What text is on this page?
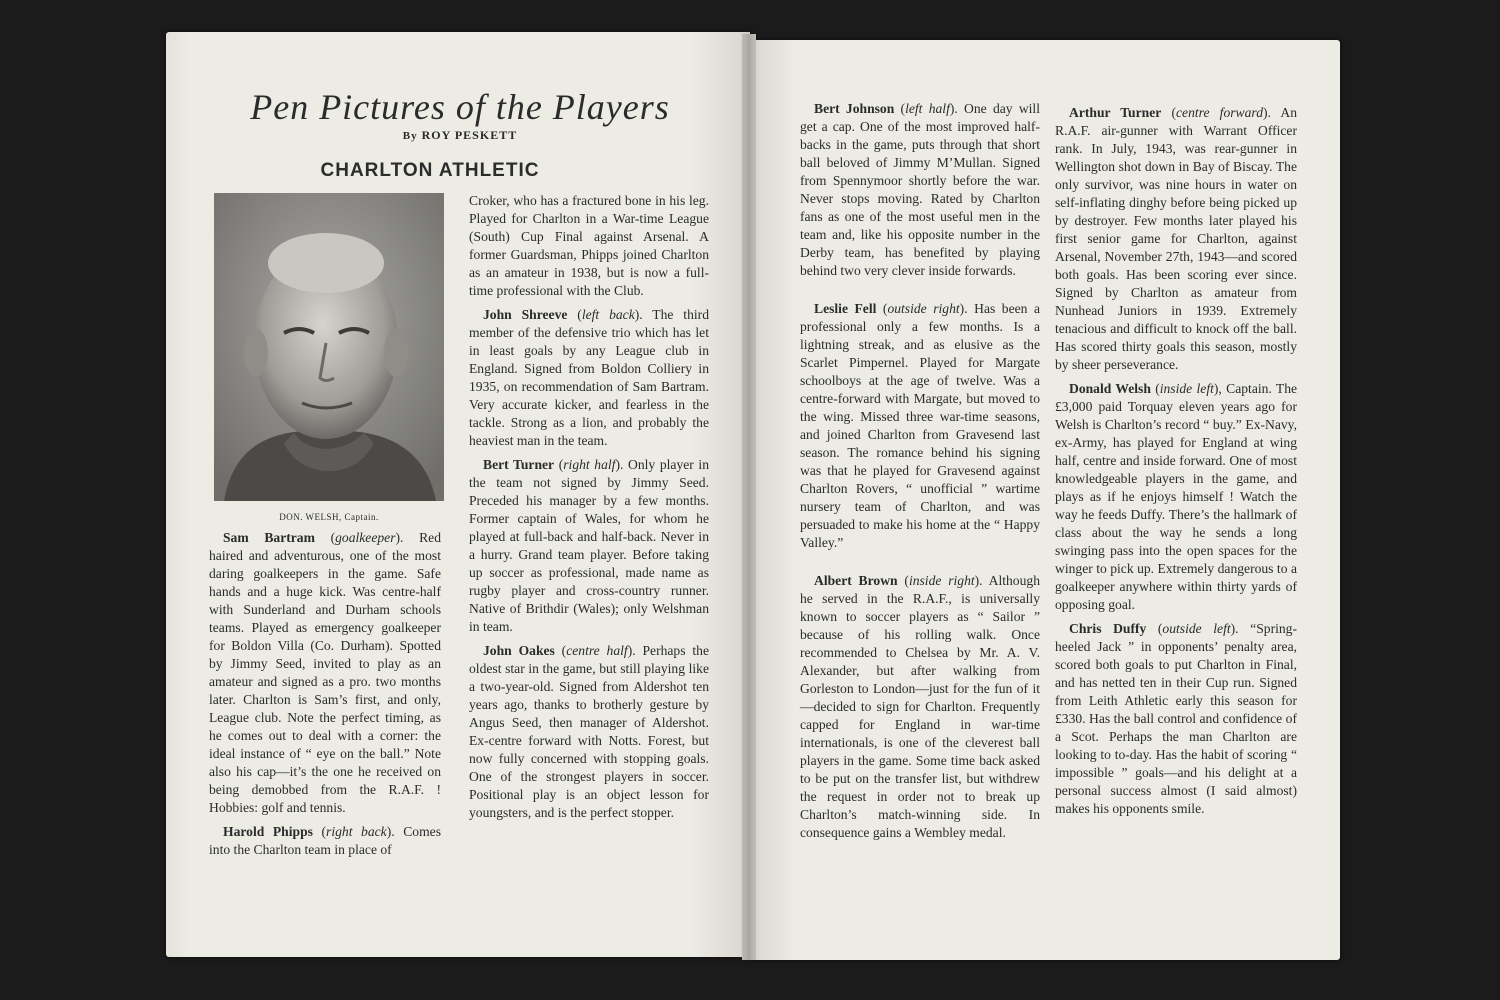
Pen Pictures of the Players
By ROY PESKETT
CHARLTON ATHLETIC
DON. WELSH, Captain.

Sam Bartram (goalkeeper). Red haired and adventurous, one of the most daring goalkeepers in the game. Safe hands and a huge kick. Was centre-half with Sunderland and Durham schools teams. Played as emergency goalkeeper for Boldon Villa (Co. Durham). Spotted by Jimmy Seed, invited to play as an amateur and signed as a pro. two months later. Charlton is Sam’s first, and only, League club. Note the perfect timing, as he comes out to deal with a corner: the ideal instance of “ eye on the ball.” Note also his cap—it’s the one he received on being demobbed from the R.A.F. ! Hobbies: golf and tennis.

Harold Phipps (right back). Comes into the Charlton team in place of

Croker, who has a fractured bone in his leg. Played for Charlton in a War-time League (South) Cup Final against Arsenal. A former Guardsman, Phipps joined Charlton as an amateur in 1938, but is now a full-time professional with the Club.

John Shreeve (left back). The third member of the defensive trio which has let in least goals by any League club in England. Signed from Boldon Colliery in 1935, on recommendation of Sam Bartram. Very accurate kicker, and fearless in the tackle. Strong as a lion, and probably the heaviest man in the team.

Bert Turner (right half). Only player in the team not signed by Jimmy Seed. Preceded his manager by a few months. Former captain of Wales, for whom he played at full-back and half-back. Never in a hurry. Grand team player. Before taking up soccer as professional, made name as rugby player and cross-country runner. Native of Brithdir (Wales); only Welshman in team.

John Oakes (centre half). Perhaps the oldest star in the game, but still playing like a two-year-old. Signed from Aldershot ten years ago, thanks to brotherly gesture by Angus Seed, then manager of Aldershot. Ex-centre forward with Notts. Forest, but now fully concerned with stopping goals. One of the strongest players in soccer. Positional play is an object lesson for youngsters, and is the perfect stopper.

Bert Johnson (left half). One day will get a cap. One of the most improved half-backs in the game, puts through that short ball beloved of Jimmy M’Mullan. Signed from Spennymoor shortly before the war. Never stops moving. Rated by Charlton fans as one of the most useful men in the team and, like his opposite number in the Derby team, has benefited by playing behind two very clever inside forwards.

Leslie Fell (outside right). Has been a professional only a few months. Is a lightning streak, and as elusive as the Scarlet Pimpernel. Played for Margate schoolboys at the age of twelve. Was a centre-forward with Margate, but moved to the wing. Missed three war-time seasons, and joined Charlton from Gravesend last season. The romance behind his signing was that he played for Gravesend against Charlton Rovers, “ unofficial ” wartime nursery team of Charlton, and was persuaded to make his home at the “ Happy Valley.”

Albert Brown (inside right). Although he served in the R.A.F., is universally known to soccer players as “ Sailor ” because of his rolling walk. Once recommended to Chelsea by Mr. A. V. Alexander, but after walking from Gorleston to London—just for the fun of it—decided to sign for Charlton. Frequently capped for England in war-time internationals, is one of the cleverest ball players in the game. Some time back asked to be put on the transfer list, but withdrew the request in order not to break up Charlton’s match-winning side. In consequence gains a Wembley medal.

Arthur Turner (centre forward). An R.A.F. air-gunner with Warrant Officer rank. In July, 1943, was rear-gunner in Wellington shot down in Bay of Biscay. The only survivor, was nine hours in water on self-inflating dinghy before being picked up by destroyer. Few months later played his first senior game for Charlton, against Arsenal, November 27th, 1943—and scored both goals. Has been scoring ever since. Signed by Charlton as amateur from Nunhead Juniors in 1939. Extremely tenacious and difficult to knock off the ball. Has scored thirty goals this season, mostly by sheer perseverance.

Donald Welsh (inside left), Captain. The £3,000 paid Torquay eleven years ago for Welsh is Charlton’s record “ buy.” Ex-Navy, ex-Army, has played for England at wing half, centre and inside forward. One of most knowledgeable players in the game, and plays as if he enjoys himself ! Watch the way he feeds Duffy. There’s the hallmark of class about the way he sends a long swinging pass into the open spaces for the winger to pick up. Extremely dangerous to a goalkeeper anywhere within thirty yards of opposing goal.

Chris Duffy (outside left). “Spring-heeled Jack ” in opponents’ penalty area, scored both goals to put Charlton in Final, and has netted ten in their Cup run. Signed from Leith Athletic early this season for £330. Has the ball control and confidence of a Scot. Perhaps the man Charlton are looking to to-day. Has the habit of scoring “ impossible ” goals—and his delight at a personal success almost (I said almost) makes his opponents smile.
